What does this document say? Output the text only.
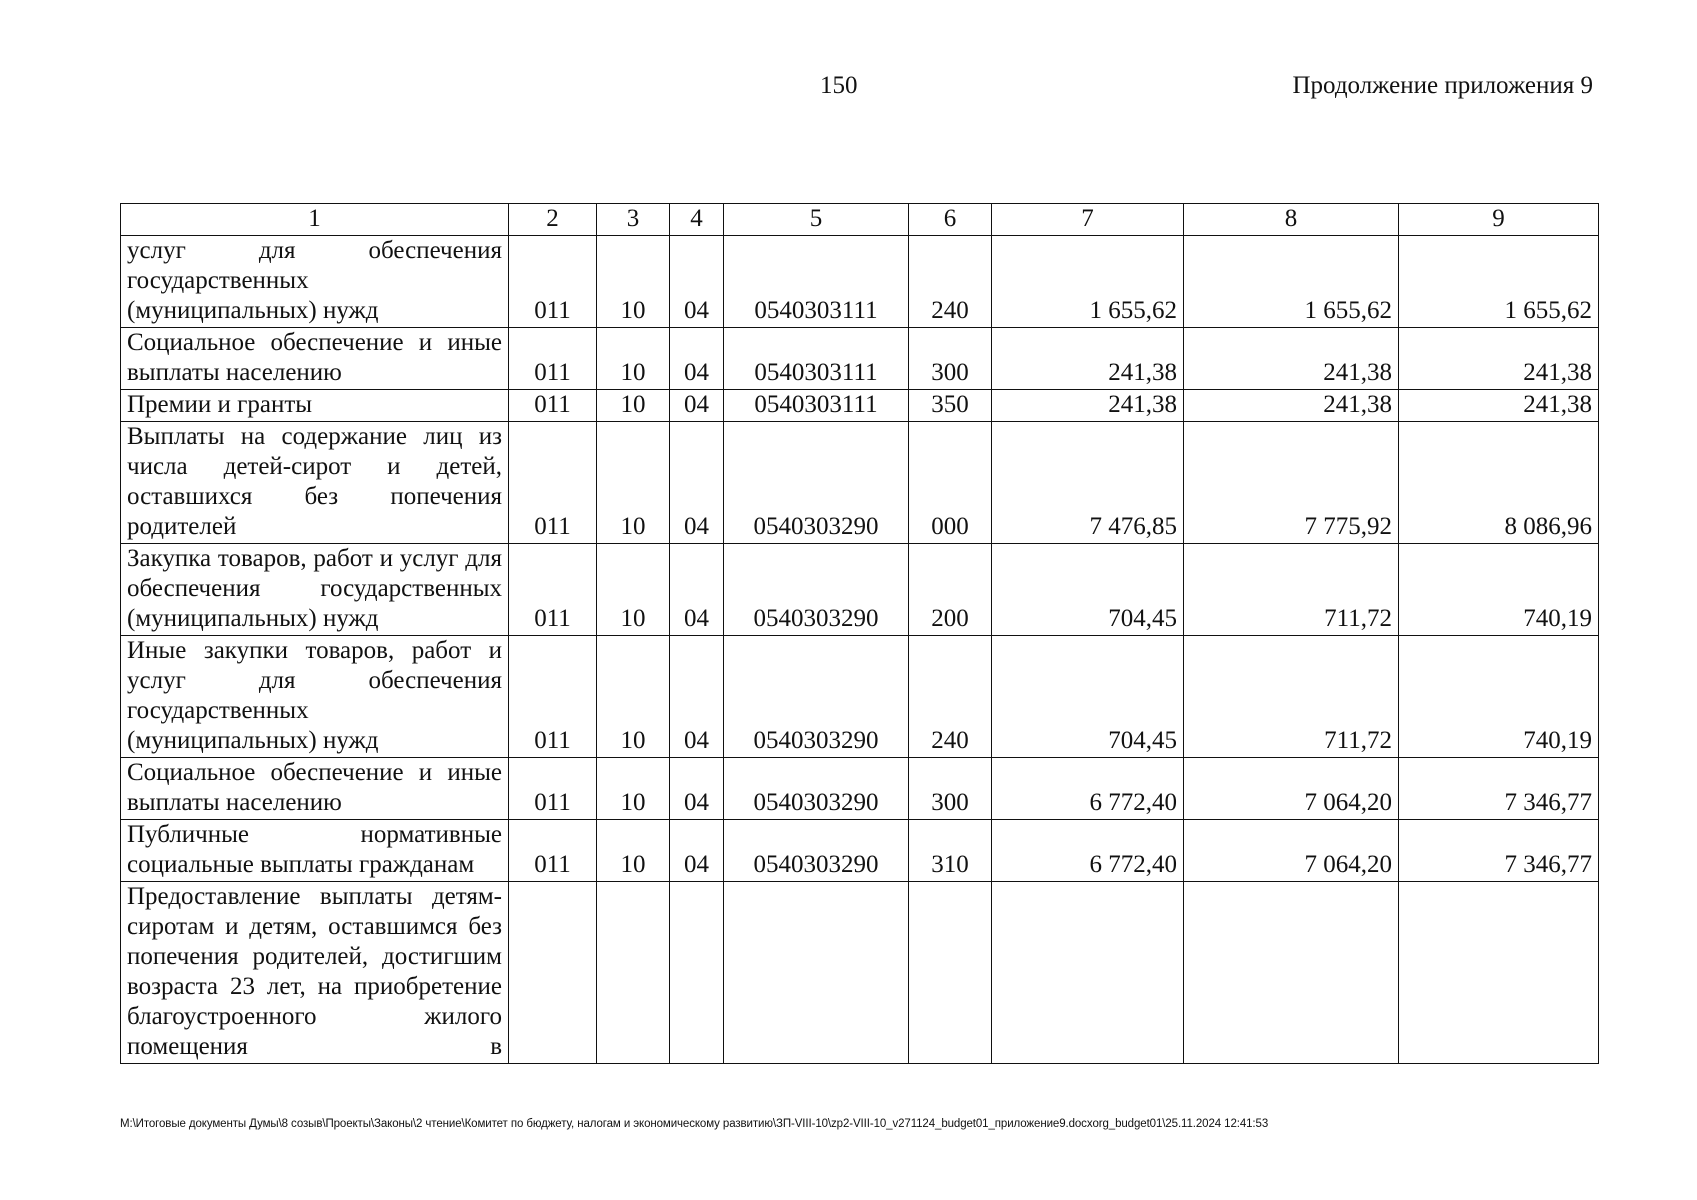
150	Продолжение приложения 9
1	2	3	4	5	6	7	8	9
услуг для обеспечения государственных (муниципальных) нужд	011	10	04	0540303111	240	1 655,62	1 655,62	1 655,62
Социальное обеспечение и иные выплаты населению	011	10	04	0540303111	300	241,38	241,38	241,38
Премии и гранты	011	10	04	0540303111	350	241,38	241,38	241,38
Выплаты на содержание лиц из числа детей-сирот и детей, оставшихся без попечения родителей	011	10	04	0540303290	000	7 476,85	7 775,92	8 086,96
Закупка товаров, работ и услуг для обеспечения государственных (муниципальных) нужд	011	10	04	0540303290	200	704,45	711,72	740,19
Иные закупки товаров, работ и услуг для обеспечения государственных (муниципальных) нужд	011	10	04	0540303290	240	704,45	711,72	740,19
Социальное обеспечение и иные выплаты населению	011	10	04	0540303290	300	6 772,40	7 064,20	7 346,77
Публичные нормативные социальные выплаты гражданам	011	10	04	0540303290	310	6 772,40	7 064,20	7 346,77
Предоставление выплаты детям-сиротам и детям, оставшимся без попечения родителей, достигшим возраста 23 лет, на приобретение благоустроенного жилого помещения в								
М:\Итоговые документы Думы\8 созыв\Проекты\Законы\2 чтение\Комитет по бюджету, налогам и экономическому развитию\ЗП-VIII-10\zp2-VIII-10_v271124_budget01_приложение9.docxorg_budget01\25.11.2024 12:41:53
